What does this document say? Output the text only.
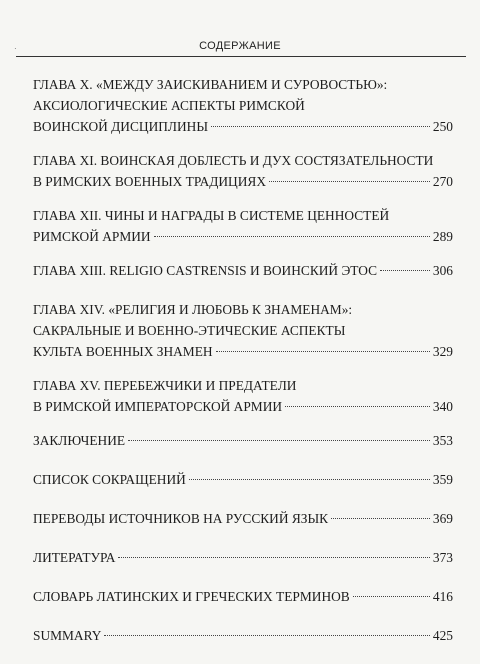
·	СОДЕРЖАНИЕ
ГЛАВА X. «МЕЖДУ ЗАИСКИВАНИЕМ И СУРОВОСТЬЮ»:
АКСИОЛОГИЧЕСКИЕ АСПЕКТЫ РИМСКОЙ
ВОИНСКОЙ ДИСЦИПЛИНЫ	250
ГЛАВА XI. ВОИНСКАЯ ДОБЛЕСТЬ И ДУХ СОСТЯЗАТЕЛЬНОСТИ
В РИМСКИХ ВОЕННЫХ ТРАДИЦИЯХ	270
ГЛАВА XII. ЧИНЫ И НАГРАДЫ В СИСТЕМЕ ЦЕННОСТЕЙ
РИМСКОЙ АРМИИ	289
ГЛАВА XIII. RELIGIO CASTRENSIS И ВОИНСКИЙ ЭТОС	306
ГЛАВА XIV. «РЕЛИГИЯ И ЛЮБОВЬ К ЗНАМЕНАМ»:
САКРАЛЬНЫЕ И ВОЕННО-ЭТИЧЕСКИЕ АСПЕКТЫ
КУЛЬТА ВОЕННЫХ ЗНАМЕН	329
ГЛАВА XV. ПЕРЕБЕЖЧИКИ И ПРЕДАТЕЛИ
В РИМСКОЙ ИМПЕРАТОРСКОЙ АРМИИ	340
ЗАКЛЮЧЕНИЕ	353
СПИСОК СОКРАЩЕНИЙ	359
ПЕРЕВОДЫ ИСТОЧНИКОВ НА РУССКИЙ ЯЗЫК	369
ЛИТЕРАТУРА	373
СЛОВАРЬ ЛАТИНСКИХ И ГРЕЧЕСКИХ ТЕРМИНОВ	416
SUMMARY	425
